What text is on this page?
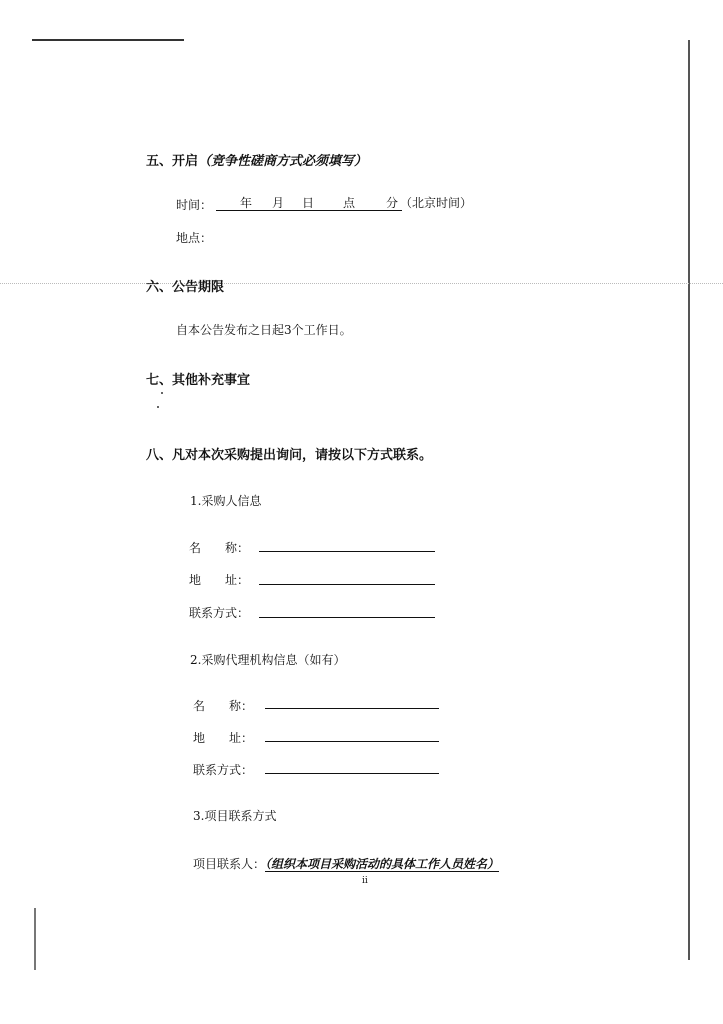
五、开启（竞争性磋商方式必须填写）
时间： 年 月 日 点	分 （北京时间）
地点：
六、公告期限
自本公告发布之日起3个工作日。
七、其他补充事宜
八、凡对本次采购提出询问，请按以下方式联系。
1.采购人信息
名　　称：
地　　址：
联系方式：
2.采购代理机构信息（如有）
名　　称：
地　　址：
联系方式：
3.项目联系方式
项目联系人：（组织本项目采购活动的具体工作人员姓名）
ii
